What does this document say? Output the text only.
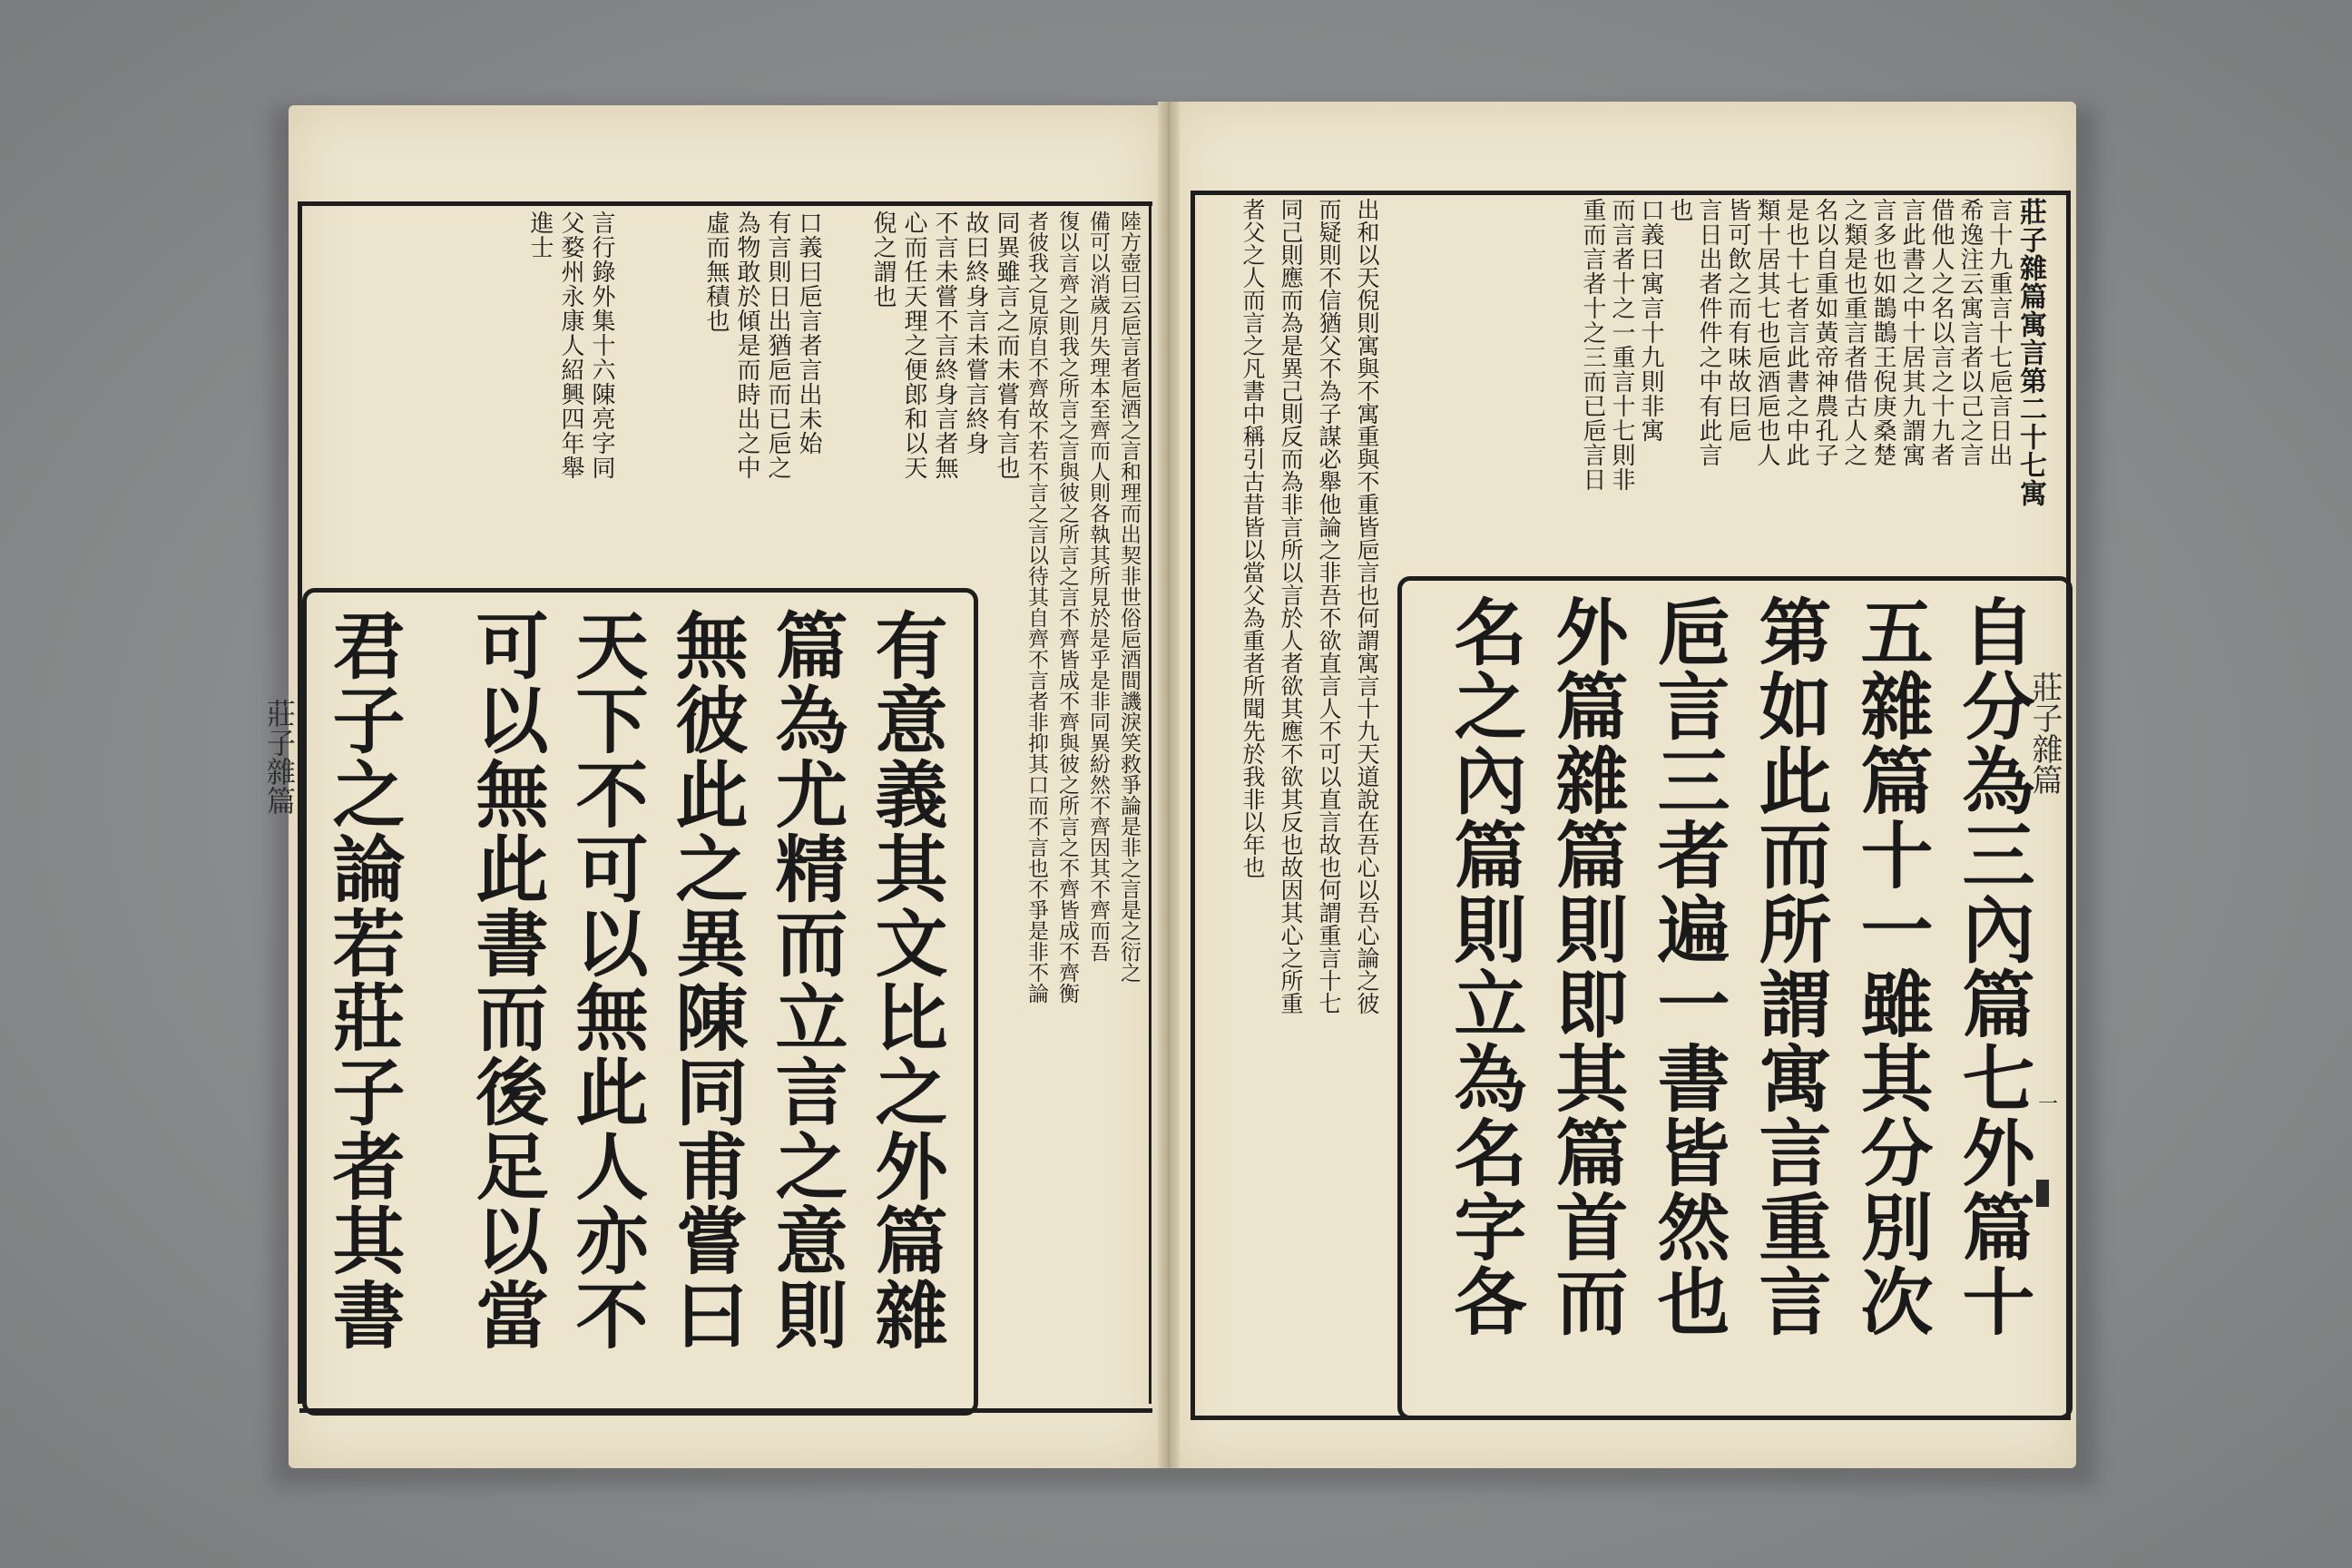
莊子雜篇
一
莊子雜篇
莊子雜篇寓言第二十七寓
言十九重言十七巵言日出
希逸注云寓言者以己之言
借他人之名以言之十九者
言此書之中十居其九謂寓
言多也如鵲鵲王倪庚桑楚
之類是也重言者借古人之
名以自重如黃帝神農孔子
是也十七者言此書之中此
類十居其七也巵酒巵也人
皆可飲之而有味故曰巵
言日出者件件之中有此言
也
口義曰寓言十九則非寓
而言者十之一重言十七則非
重而言者十之三而已巵言日
出和以天倪則寓與不寓重與不重皆巵言也何謂寓言十九天道說在吾心以吾心論之彼
而疑則不信猶父不為子謀必舉他論之非吾不欲直言人不可以直言故也何謂重言十七
同己則應而為是異己則反而為非言所以言於人者欲其應不欲其反也故因其心之所重
者父之人而言之凡書中稱引古昔皆以當父為重者所聞先於我非以年也
自分為三內篇七外篇十
五雜篇十一雖其分別次
第如此而所謂寓言重言
巵言三者遍一書皆然也
外篇雜篇則即其篇首而
名之內篇則立為名字各
陸方壺曰云巵言者巵酒之言和理而出契非世俗巵酒間譏淚笑救爭論是非之言是之衍之
備可以消歲月失理本至齊而人則各執其所見於是乎是非同異紛然不齊因其不齊而吾
復以言齊之則我之所言之言與彼之所言之言不齊皆成不齊與彼之所言之不齊皆成不齊衡
者彼我之見原自不齊故不若不言之言以待其自齊不言者非抑其口而不言也不爭是非不論
同異雖言之而未嘗有言也
故曰終身言未嘗言終身
不言未嘗不言終身言者無
心而任天理之便郎和以天
倪之謂也
口義曰巵言者言出未始
有言則日出猶巵而已巵之
為物敢於傾是而時出之中
虛而無積也
言行錄外集十六陳亮字同
父婺州永康人紹興四年舉
進士
有意義其文比之外篇雜
篇為尤精而立言之意則
無彼此之異陳同甫嘗曰
天下不可以無此人亦不
可以無此書而後足以當
君子之論若莊子者其書
